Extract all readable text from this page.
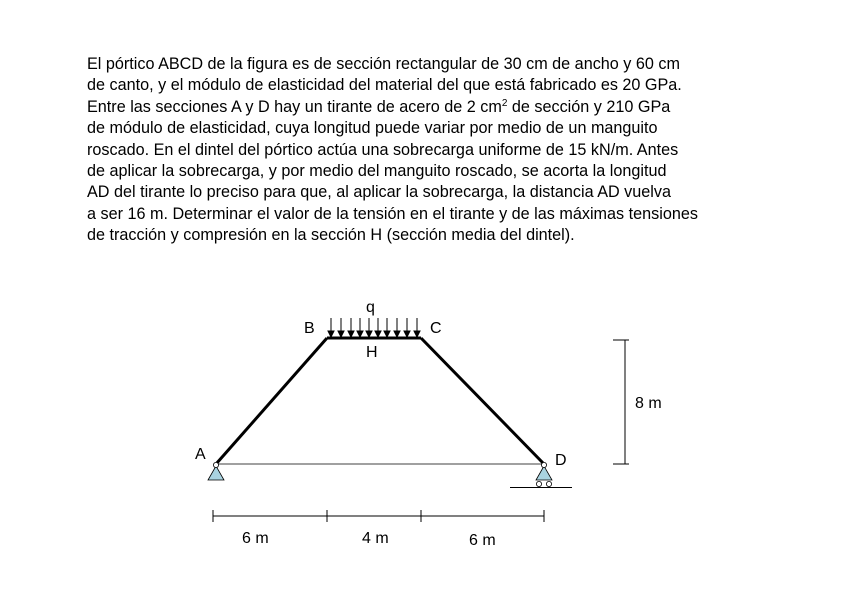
El pórtico ABCD de la figura es de sección rectangular de 30 cm de ancho y 60 cm
de canto, y el módulo de elasticidad del material del que está fabricado es 20 GPa.
Entre las secciones A y D hay un tirante de acero de 2 $cm^2$ de sección y 210 GPa
de módulo de elasticidad, cuya longitud puede variar por medio de un manguito
roscado. En el dintel del pórtico actúa una sobrecarga uniforme de 15 kN/m. Antes
de aplicar la sobrecarga, y por medio del manguito roscado, se acorta la longitud
AD del tirante lo preciso para que, al aplicar la sobrecarga, la distancia AD vuelva
a ser 16 m. Determinar el valor de la tensión en el tirante y de las máximas tensiones
de tracción y compresión en la sección H (sección media del dintel).
q
B	C
H
A	D
8 m
6 m	4 m	6 m
